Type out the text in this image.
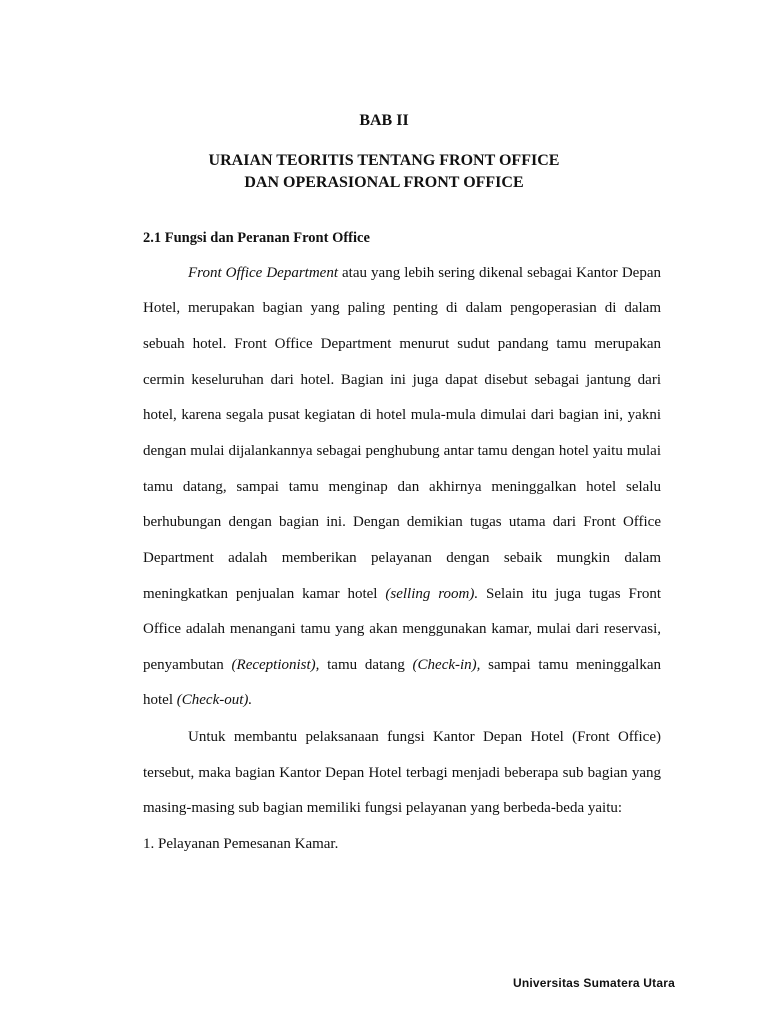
BAB II
URAIAN TEORITIS TENTANG FRONT OFFICE
DAN OPERASIONAL FRONT OFFICE
2.1 Fungsi dan Peranan Front Office
Front Office Department atau yang lebih sering dikenal sebagai Kantor Depan
Hotel, merupakan bagian yang paling penting di dalam pengoperasian di dalam
sebuah hotel. Front Office Department menurut sudut pandang tamu merupakan
cermin keseluruhan dari hotel. Bagian ini juga dapat disebut sebagai jantung dari
hotel, karena segala pusat kegiatan di hotel mula-mula dimulai dari bagian ini, yakni
dengan mulai dijalankannya sebagai penghubung antar tamu dengan hotel yaitu mulai
tamu datang, sampai tamu menginap dan akhirnya meninggalkan hotel selalu
berhubungan dengan bagian ini. Dengan demikian tugas utama dari Front Office
Department adalah memberikan pelayanan dengan sebaik mungkin dalam
meningkatkan penjualan kamar hotel (selling room). Selain itu juga tugas Front
Office adalah menangani tamu yang akan menggunakan kamar, mulai dari reservasi,
penyambutan (Receptionist), tamu datang (Check-in), sampai tamu meninggalkan
hotel (Check-out).
Untuk membantu pelaksanaan fungsi Kantor Depan Hotel (Front Office)
tersebut, maka bagian Kantor Depan Hotel terbagi menjadi beberapa sub bagian yang
masing-masing sub bagian memiliki fungsi pelayanan yang berbeda-beda yaitu:
1. Pelayanan Pemesanan Kamar.
Universitas Sumatera Utara
